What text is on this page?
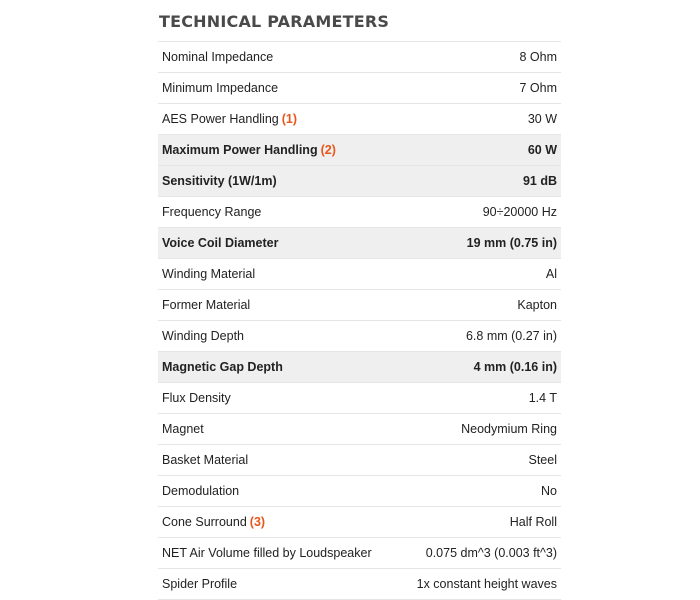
TECHNICAL PARAMETERS
Nominal Impedance	8 Ohm
Minimum Impedance	7 Ohm
AES Power Handling (1)	30 W
Maximum Power Handling (2)	60 W
Sensitivity (1W/1m)	91 dB
Frequency Range	90÷20000 Hz
Voice Coil Diameter	19 mm (0.75 in)
Winding Material	Al
Former Material	Kapton
Winding Depth	6.8 mm (0.27 in)
Magnetic Gap Depth	4 mm (0.16 in)
Flux Density	1.4 T
Magnet	Neodymium Ring
Basket Material	Steel
Demodulation	No
Cone Surround (3)	Half Roll
NET Air Volume filled by Loudspeaker	0.075 dm^3 (0.003 ft^3)
Spider Profile	1x constant height waves
